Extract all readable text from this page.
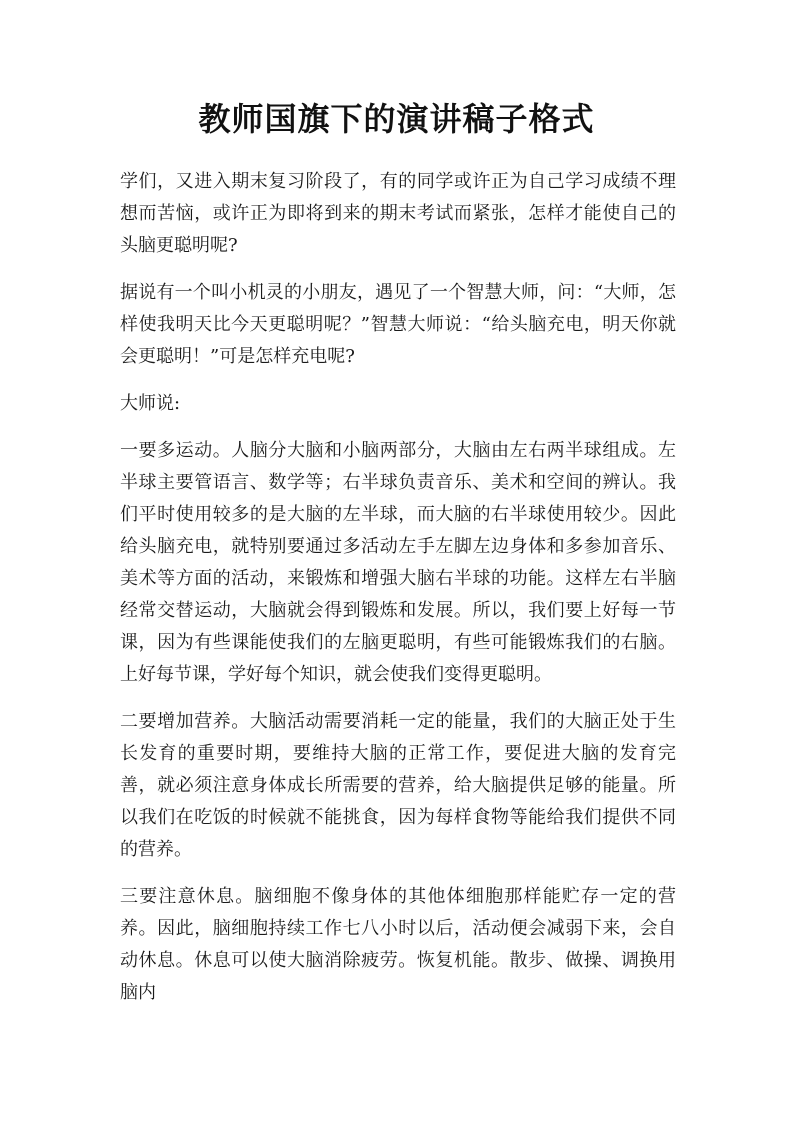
教师国旗下的演讲稿子格式

学们，又进入期末复习阶段了，有的同学或许正为自己学习成绩不理想而苦恼，或许正为即将到来的期末考试而紧张，怎样才能使自己的头脑更聪明呢?

据说有一个叫小机灵的小朋友，遇见了一个智慧大师，问：“大师，怎样使我明天比今天更聪明呢？”智慧大师说：“给头脑充电，明天你就会更聪明！”可是怎样充电呢?

大师说:

一要多运动。人脑分大脑和小脑两部分，大脑由左右两半球组成。左半球主要管语言、数学等；右半球负责音乐、美术和空间的辨认。我们平时使用较多的是大脑的左半球，而大脑的右半球使用较少。因此给头脑充电，就特别要通过多活动左手左脚左边身体和多参加音乐、美术等方面的活动，来锻炼和增强大脑右半球的功能。这样左右半脑经常交替运动，大脑就会得到锻炼和发展。所以，我们要上好每一节课，因为有些课能使我们的左脑更聪明，有些可能锻炼我们的右脑。上好每节课，学好每个知识，就会使我们变得更聪明。

二要增加营养。大脑活动需要消耗一定的能量，我们的大脑正处于生长发育的重要时期，要维持大脑的正常工作，要促进大脑的发育完善，就必须注意身体成长所需要的营养，给大脑提供足够的能量。所以我们在吃饭的时候就不能挑食，因为每样食物等能给我们提供不同的营养。

三要注意休息。脑细胞不像身体的其他体细胞那样能贮存一定的营养。因此，脑细胞持续工作七八小时以后，活动便会减弱下来，会自动休息。休息可以使大脑消除疲劳。恢复机能。散步、做操、调换用脑内
